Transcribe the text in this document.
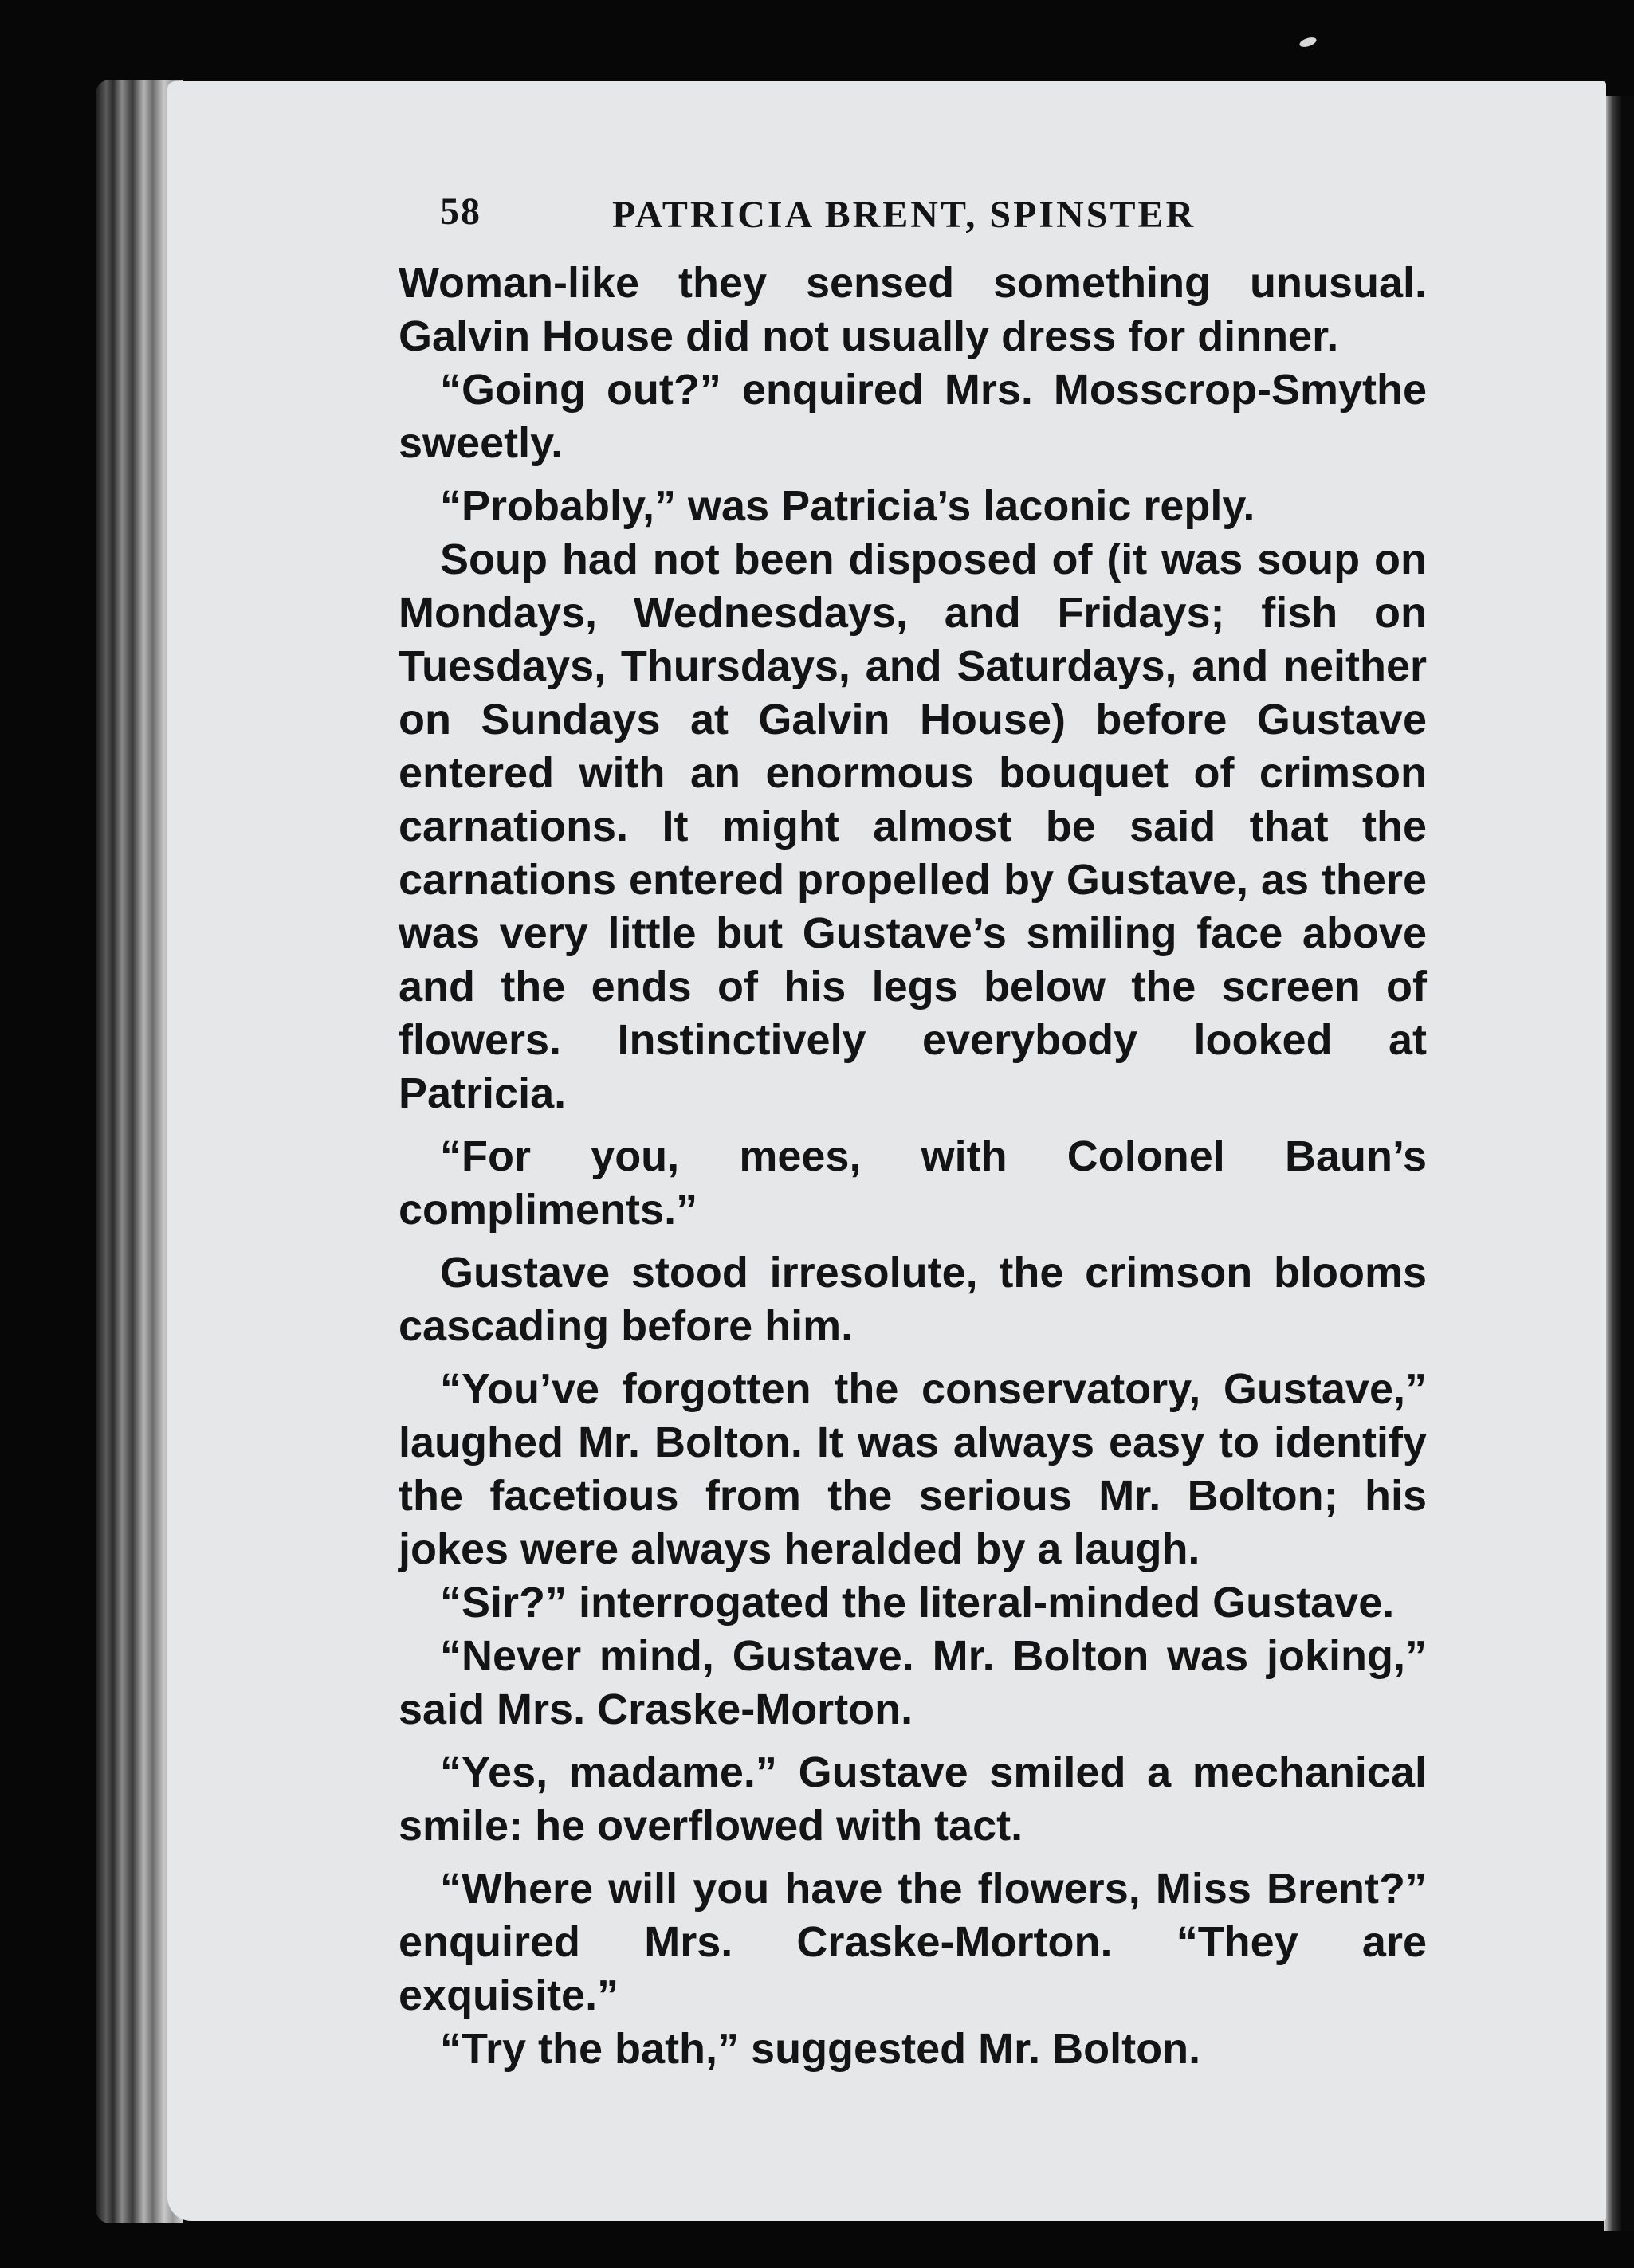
58	PATRICIA BRENT, SPINSTER

Woman-like they sensed something unusual. Galvin House did not usually dress for dinner.

“Going out?” enquired Mrs. Mosscrop-Smythe sweetly.

“Probably,” was Patricia’s laconic reply.

Soup had not been disposed of (it was soup on Mondays, Wednesdays, and Fridays; fish on Tuesdays, Thursdays, and Saturdays, and neither on Sundays at Galvin House) before Gustave entered with an enormous bouquet of crimson carnations. It might almost be said that the carnations entered propelled by Gustave, as there was very little but Gustave’s smiling face above and the ends of his legs below the screen of flowers. Instinctively everybody looked at Patricia.

“For you, mees, with Colonel Baun’s compliments.”

Gustave stood irresolute, the crimson blooms cascading before him.

“You’ve forgotten the conservatory, Gustave,” laughed Mr. Bolton. It was always easy to identify the facetious from the serious Mr. Bolton; his jokes were always heralded by a laugh.

“Sir?” interrogated the literal-minded Gustave.

“Never mind, Gustave. Mr. Bolton was joking,” said Mrs. Craske-Morton.

“Yes, madame.” Gustave smiled a mechanical smile: he overflowed with tact.

“Where will you have the flowers, Miss Brent?” enquired Mrs. Craske-Morton. “They are exquisite.”

“Try the bath,” suggested Mr. Bolton.
